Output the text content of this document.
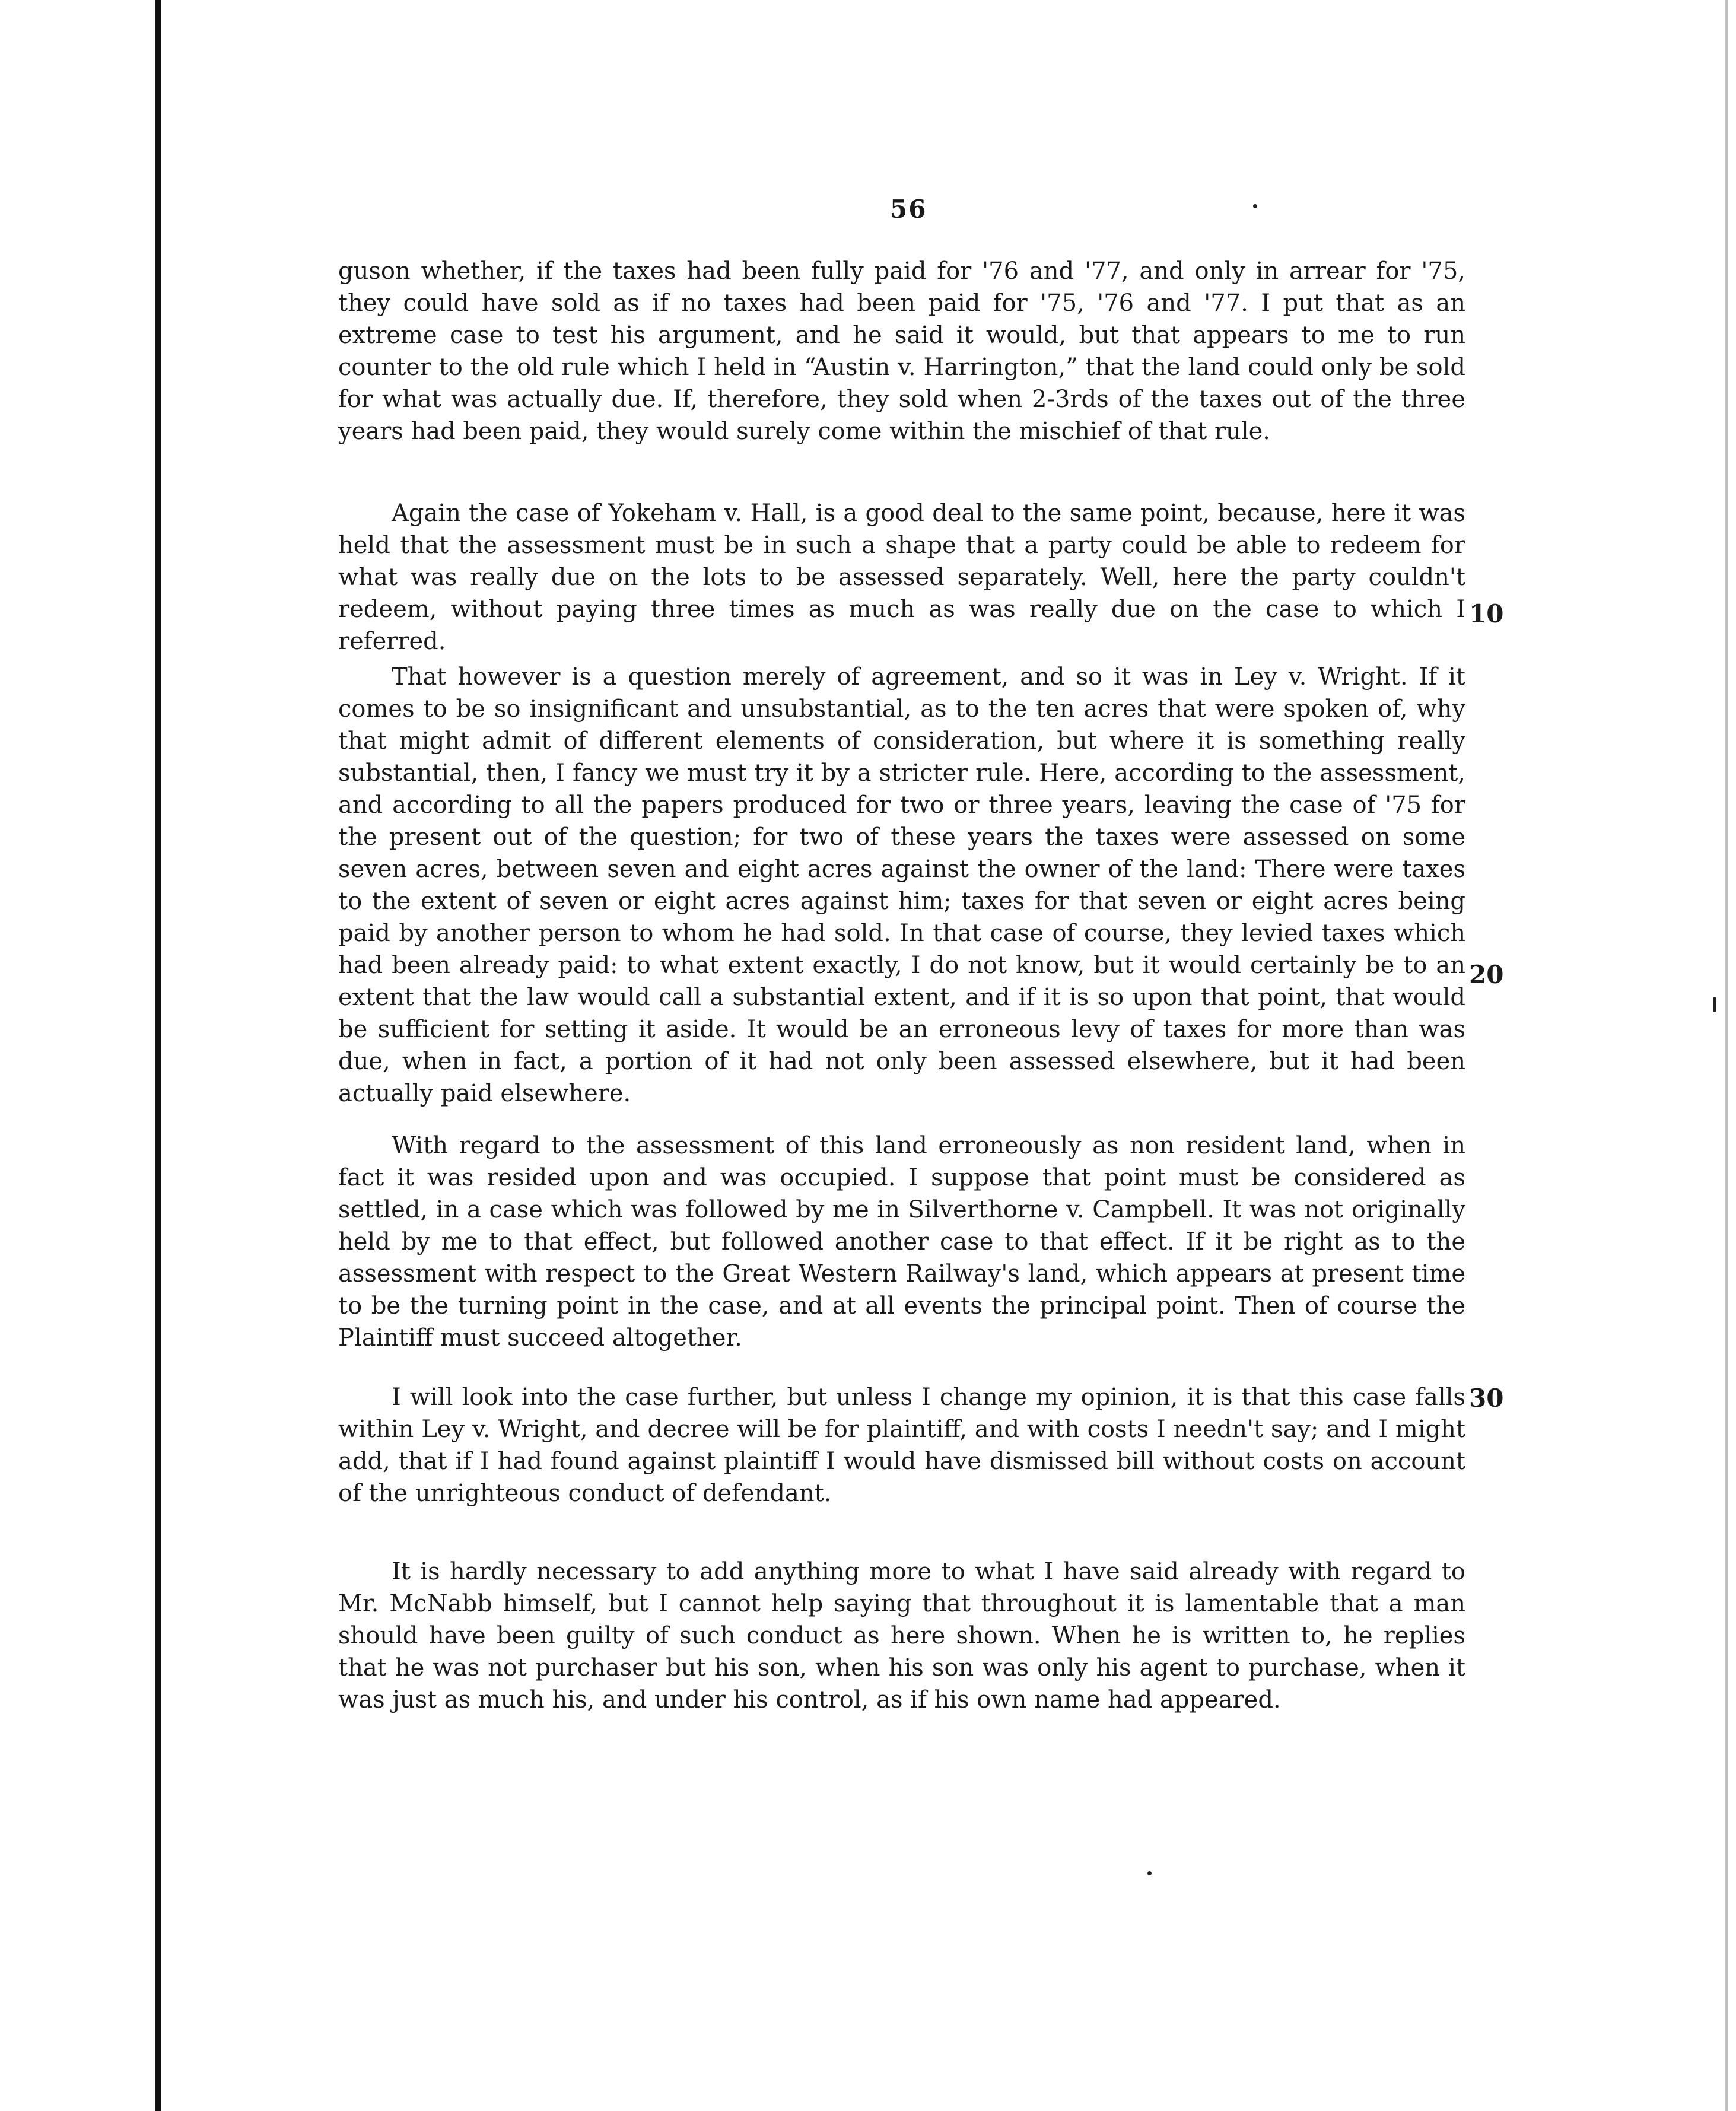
56

guson whether, if the taxes had been fully paid for '76 and '77, and only in arrear for '75, they could have sold as if no taxes had been paid for '75, '76 and '77. I put that as an extreme case to test his argument, and he said it would, but that appears to me to run counter to the old rule which I held in “Austin v. Harrington,” that the land could only be sold for what was actually due. If, therefore, they sold when 2-3rds of the taxes out of the three years had been paid, they would surely come within the mischief of that rule.

Again the case of Yokeham v. Hall, is a good deal to the same point, because, here it was held that the assessment must be in such a shape that a party could be able to redeem for what was really due on the lots to be assessed separately. Well, here the party couldn't redeem, without paying three times as much as was really due on the case to which I referred.

That however is a question merely of agreement, and so it was in Ley v. Wright. If it comes to be so insignificant and unsubstantial, as to the ten acres that were spoken of, why that might admit of different elements of consideration, but where it is something really substantial, then, I fancy we must try it by a stricter rule. Here, according to the assessment, and according to all the papers produced for two or three years, leaving the case of '75 for the present out of the question; for two of these years the taxes were assessed on some seven acres, between seven and eight acres against the owner of the land: There were taxes to the extent of seven or eight acres against him; taxes for that seven or eight acres being paid by another person to whom he had sold. In that case of course, they levied taxes which had been already paid: to what extent exactly, I do not know, but it would certainly be to an extent that the law would call a substantial extent, and if it is so upon that point, that would be sufficient for setting it aside. It would be an erroneous levy of taxes for more than was due, when in fact, a portion of it had not only been assessed elsewhere, but it had been actually paid elsewhere.

With regard to the assessment of this land erroneously as non resident land, when in fact it was resided upon and was occupied. I suppose that point must be considered as settled, in a case which was followed by me in Silverthorne v. Campbell. It was not originally held by me to that effect, but followed another case to that effect. If it be right as to the assessment with respect to the Great Western Railway's land, which appears at present time to be the turning point in the case, and at all events the principal point. Then of course the Plaintiff must succeed altogether.

I will look into the case further, but unless I change my opinion, it is that this case falls within Ley v. Wright, and decree will be for plaintiff, and with costs I needn't say; and I might add, that if I had found against plaintiff I would have dismissed bill without costs on account of the unrighteous conduct of defendant.

It is hardly necessary to add anything more to what I have said already with regard to Mr. McNabb himself, but I cannot help saying that throughout it is lamentable that a man should have been guilty of such conduct as here shown. When he is written to, he replies that he was not purchaser but his son, when his son was only his agent to purchase, when it was just as much his, and under his control, as if his own name had appeared.

10
20
30
